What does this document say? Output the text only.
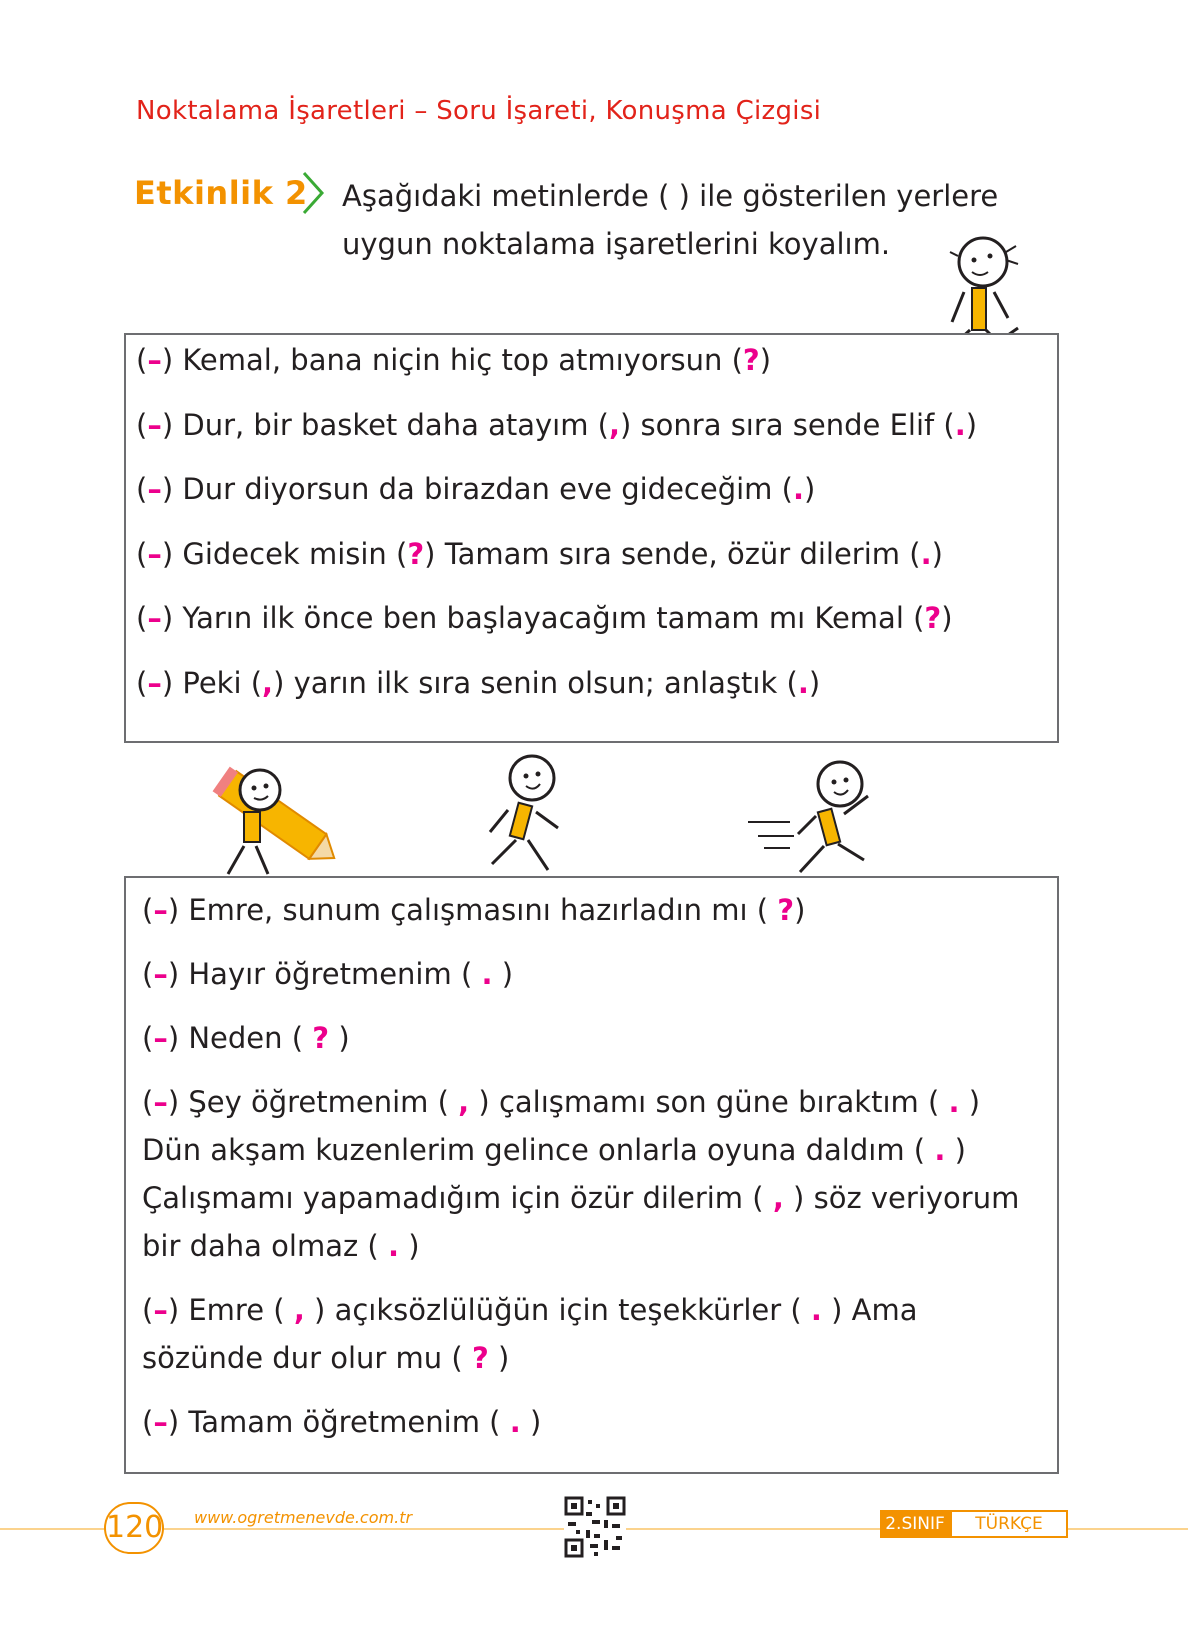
Noktalama İşaretleri – Soru İşareti, Konuşma Çizgisi
Etkinlik 2 Aşağıdaki metinlerde ( ) ile gösterilen yerlere uygun noktalama işaretlerini koyalım.
(–) Kemal, bana niçin hiç top atmıyorsun (?)
(–) Dur, bir basket daha atayım (,) sonra sıra sende Elif (.)
(–) Dur diyorsun da birazdan eve gideceğim (.)
(–) Gidecek misin (?) Tamam sıra sende, özür dilerim (.)
(–) Yarın ilk önce ben başlayacağım tamam mı Kemal (?)
(–) Peki (,) yarın ilk sıra senin olsun; anlaştık (.)
(–) Emre, sunum çalışmasını hazırladın mı ( ?)
(–) Hayır öğretmenim ( . )
(–) Neden ( ? )
(–) Şey öğretmenim ( , ) çalışmamı son güne bıraktım ( . ) Dün akşam kuzenlerim gelince onlarla oyuna daldım ( . ) Çalışmamı yapamadığım için özür dilerim ( , ) söz veriyorum bir daha olmaz ( . )
(–) Emre ( , ) açıksözlülüğün için teşekkürler ( . ) Ama sözünde dur olur mu ( ? )
(–) Tamam öğretmenim ( . )
120 www.ogretmenevde.com.tr	2.SINIF	TÜRKÇE
